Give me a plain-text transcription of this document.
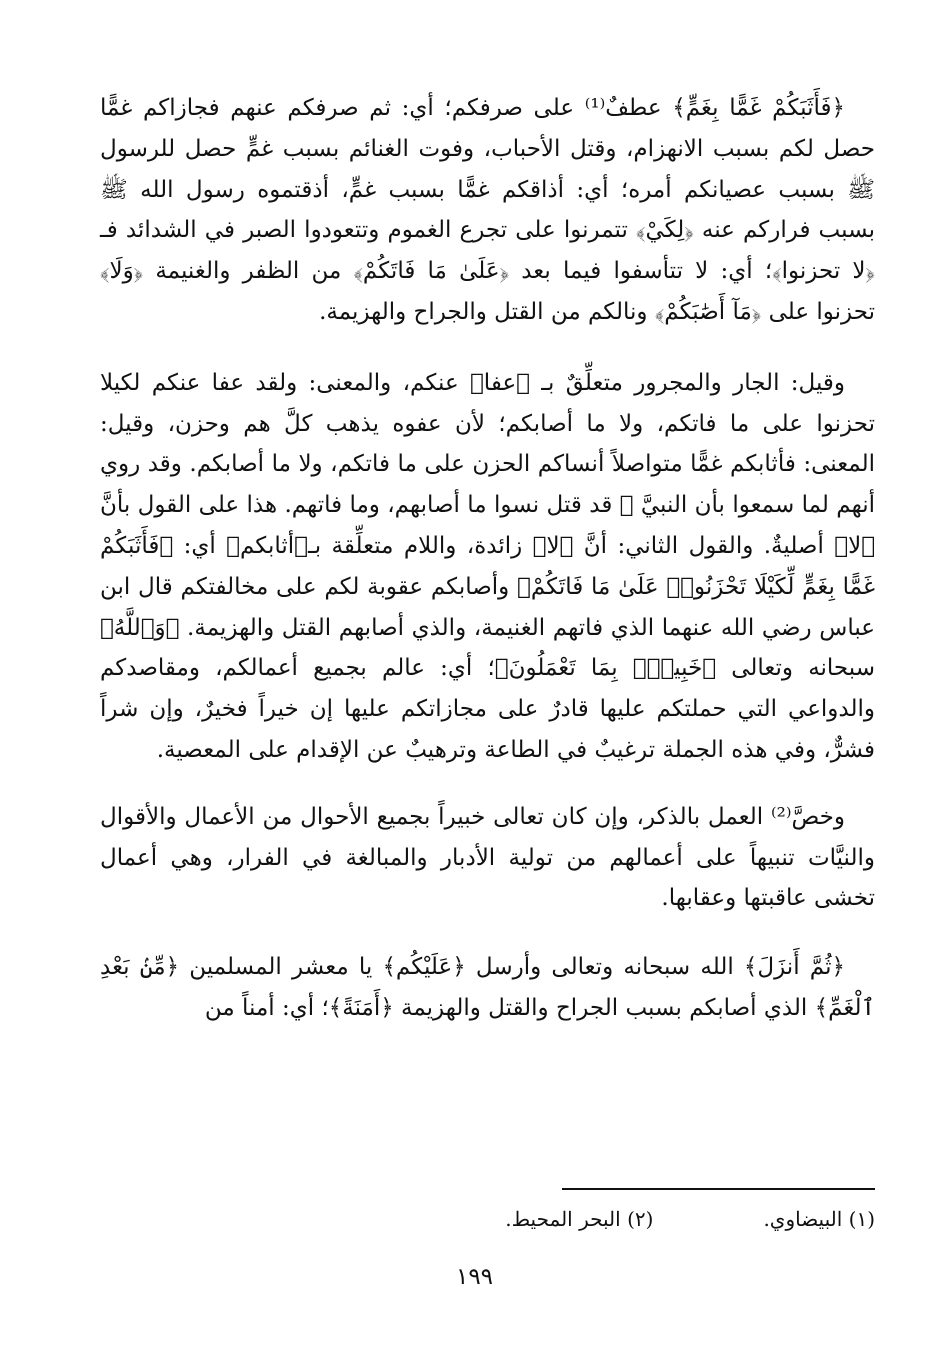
﴿فَأَثَبَكُمْ غَمًّا بِغَمٍّ﴾ عطفٌ⁽¹⁾ على صرفكم؛ أي: ثم صرفكم عنهم فجازاكم غمًّا حصل لكم بسبب الانهزام، وقتل الأحباب، وفوت الغنائم بسبب غمٍّ حصل للرسول ﷺ بسبب عصيانكم أمره؛ أي: أذاقكم غمًّا بسبب غمٍّ، أذقتموه رسول الله ﷺ بسبب فراركم عنه ﴿لِكَيْ﴾ تتمرنوا على تجرع الغموم وتتعودوا الصبر في الشدائد فـ ﴿لا تحزنوا﴾؛ أي: لا تتأسفوا فيما بعد ﴿عَلَىٰ مَا فَاتَكُمْ﴾ من الظفر والغنيمة ﴿وَلَا﴾ تحزنوا على ﴿مَآ أَصَٰبَكُمْ﴾ ونالكم من القتل والجراح والهزيمة.

وقيل: الجار والمجرور متعلِّقٌ بـ ﴿عفا﴾ عنكم، والمعنى: ولقد عفا عنكم لكيلا تحزنوا على ما فاتكم، ولا ما أصابكم؛ لأن عفوه يذهب كلَّ هم وحزن، وقيل: المعنى: فأثابكم غمًّا متواصلاً أنساكم الحزن على ما فاتكم، ولا ما أصابكم. وقد روي أنهم لما سمعوا بأن النبيَّ ﷺ قد قتل نسوا ما أصابهم، وما فاتهم. هذا على القول بأنَّ ﴿لا﴾ أصليةٌ. والقول الثاني: أنَّ ﴿لا﴾ زائدة، واللام متعلِّقة بـ﴿أثابكم﴾ أي: ﴿فَأَثَبَكُمْ غَمًّا بِغَمٍّ لِّكَيْلَا تَحْزَنُوا۟ عَلَىٰ مَا فَاتَكُمْ﴾ وأصابكم عقوبة لكم على مخالفتكم قال ابن عباس رضي الله عنهما الذي فاتهم الغنيمة، والذي أصابهم القتل والهزيمة. ﴿وَٱللَّهُ﴾ سبحانه وتعالى ﴿خَبِيرٌۢ بِمَا تَعْمَلُونَ﴾؛ أي: عالم بجميع أعمالكم، ومقاصدكم والدواعي التي حملتكم عليها قادرٌ على مجازاتكم عليها إن خيراً فخيرٌ، وإن شراً فشرٌّ، وفي هذه الجملة ترغيبٌ في الطاعة وترهيبٌ عن الإقدام على المعصية.

وخصَّ⁽²⁾ العمل بالذكر، وإن كان تعالى خبيراً بجميع الأحوال من الأعمال والأقوال والنيَّات تنبيهاً على أعمالهم من تولية الأدبار والمبالغة في الفرار، وهي أعمال تخشى عاقبتها وعقابها.

﴿ثُمَّ أَنزَلَ﴾ الله سبحانه وتعالى وأرسل ﴿عَلَيْكُم﴾ يا معشر المسلمين ﴿مِّنۢ بَعْدِ ٱلْغَمِّ﴾ الذي أصابكم بسبب الجراح والقتل والهزيمة ﴿أَمَنَةً﴾؛ أي: أمناً من

(١) البيضاوي.
(٢) البحر المحيط.
١٩٩
